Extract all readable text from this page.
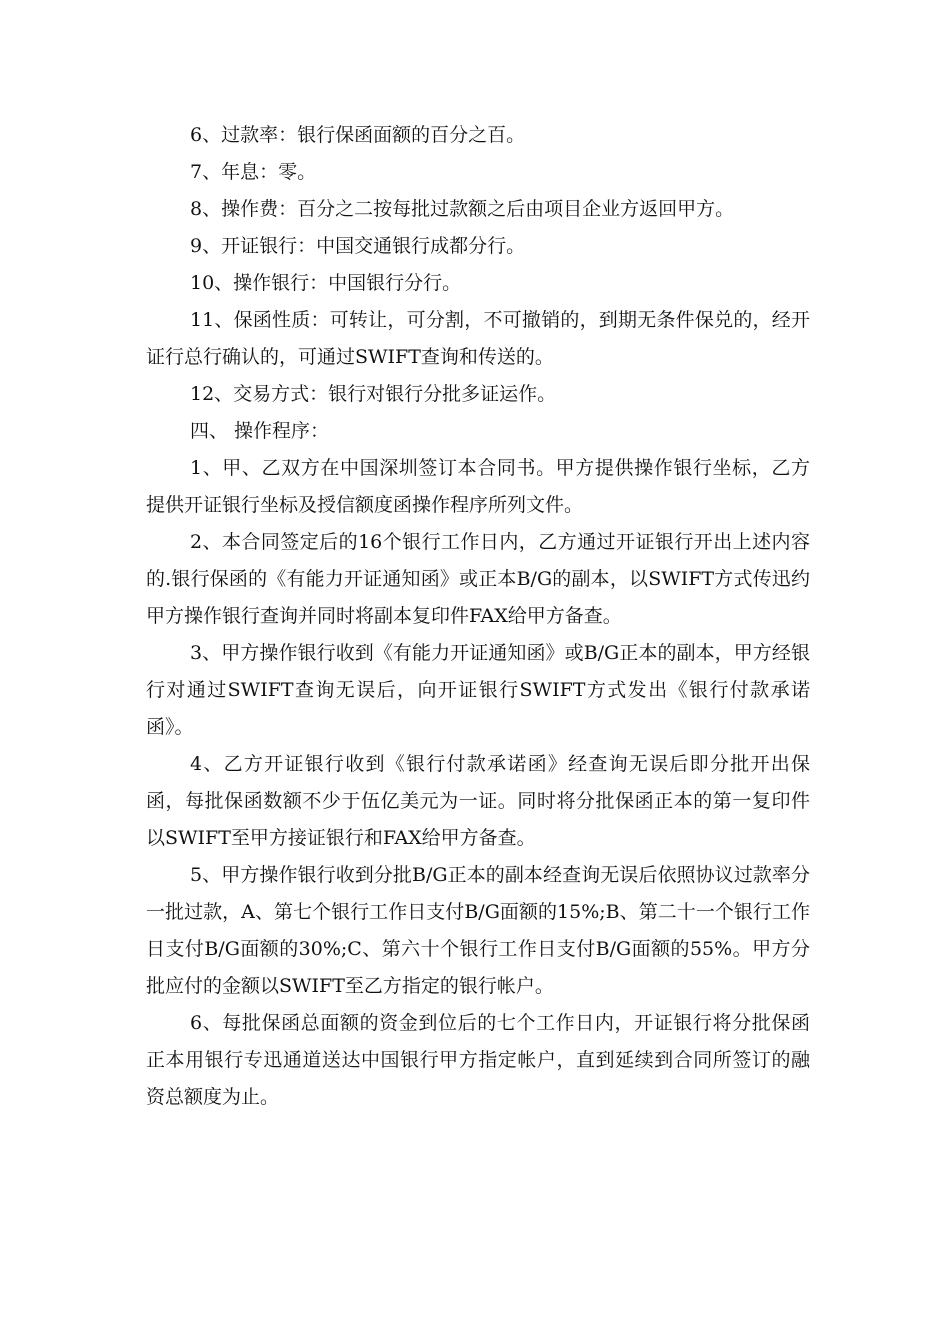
6、过款率：银行保函面额的百分之百。

7、年息：零。

8、操作费：百分之二按每批过款额之后由项目企业方返回甲方。

9、开证银行：中国交通银行成都分行。

10、操作银行：中国银行分行。

11、保函性质：可转让，可分割，不可撤销的，到期无条件保兑的，经开证行总行确认的，可通过SWIFT查询和传送的。

12、交易方式：银行对银行分批多证运作。

四、 操作程序：

1、甲、乙双方在中国深圳签订本合同书。甲方提供操作银行坐标，乙方提供开证银行坐标及授信额度函操作程序所列文件。

2、本合同签定后的16个银行工作日内，乙方通过开证银行开出上述内容的.银行保函的《有能力开证通知函》或正本B/G的副本，以SWIFT方式传迅约甲方操作银行查询并同时将副本复印件FAX给甲方备查。

3、甲方操作银行收到《有能力开证通知函》或B/G正本的副本，甲方经银行对通过SWIFT查询无误后，向开证银行SWIFT方式发出《银行付款承诺函》。

4、乙方开证银行收到《银行付款承诺函》经查询无误后即分批开出保函，每批保函数额不少于伍亿美元为一证。同时将分批保函正本的第一复印件以SWIFT至甲方接证银行和FAX给甲方备查。

5、甲方操作银行收到分批B/G正本的副本经查询无误后依照协议过款率分一批过款，A、第七个银行工作日支付B/G面额的15%;B、第二十一个银行工作日支付B/G面额的30%;C、第六十个银行工作日支付B/G面额的55%。甲方分批应付的金额以SWIFT至乙方指定的银行帐户。

6、每批保函总面额的资金到位后的七个工作日内，开证银行将分批保函正本用银行专迅通道送达中国银行甲方指定帐户，直到延续到合同所签订的融资总额度为止。
